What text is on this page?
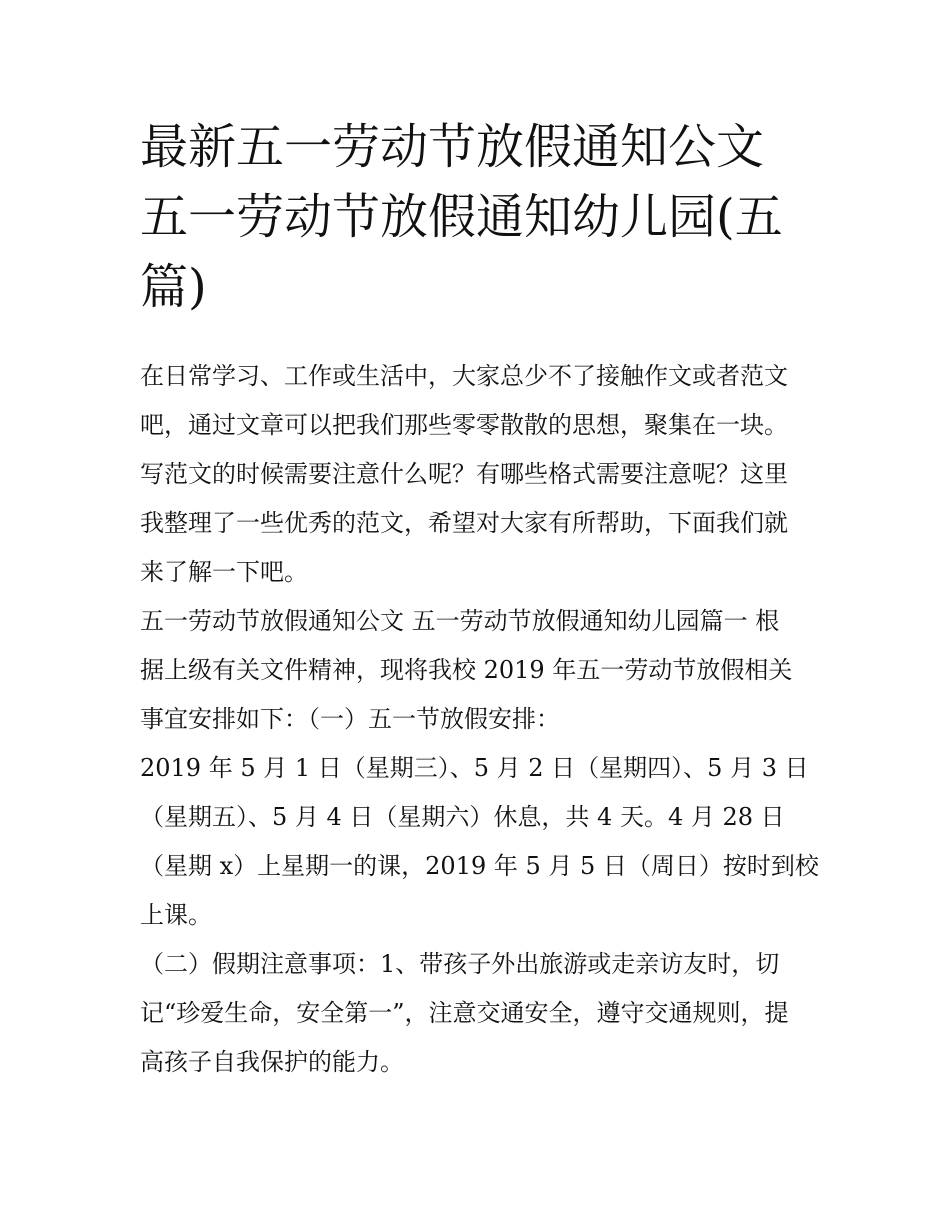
最新五一劳动节放假通知公文
五一劳动节放假通知幼儿园(五
篇)

在日常学习、工作或生活中，大家总少不了接触作文或者范文
吧，通过文章可以把我们那些零零散散的思想，聚集在一块。
写范文的时候需要注意什么呢？有哪些格式需要注意呢？这里
我整理了一些优秀的范文，希望对大家有所帮助，下面我们就
来了解一下吧。

五一劳动节放假通知公文 五一劳动节放假通知幼儿园篇一 根
据上级有关文件精神，现将我校 2019 年五一劳动节放假相关
事宜安排如下：（一）五一节放假安排：

2019 年 5 月 1 日（星期三）、5 月 2 日（星期四）、5 月 3 日
（星期五）、5 月 4 日（星期六）休息，共 4 天。4 月 28 日
（星期 x）上星期一的课，2019 年 5 月 5 日（周日）按时到校
上课。

（二）假期注意事项：1、带孩子外出旅游或走亲访友时，切
记“珍爱生命，安全第一”，注意交通安全，遵守交通规则，提
高孩子自我保护的能力。
